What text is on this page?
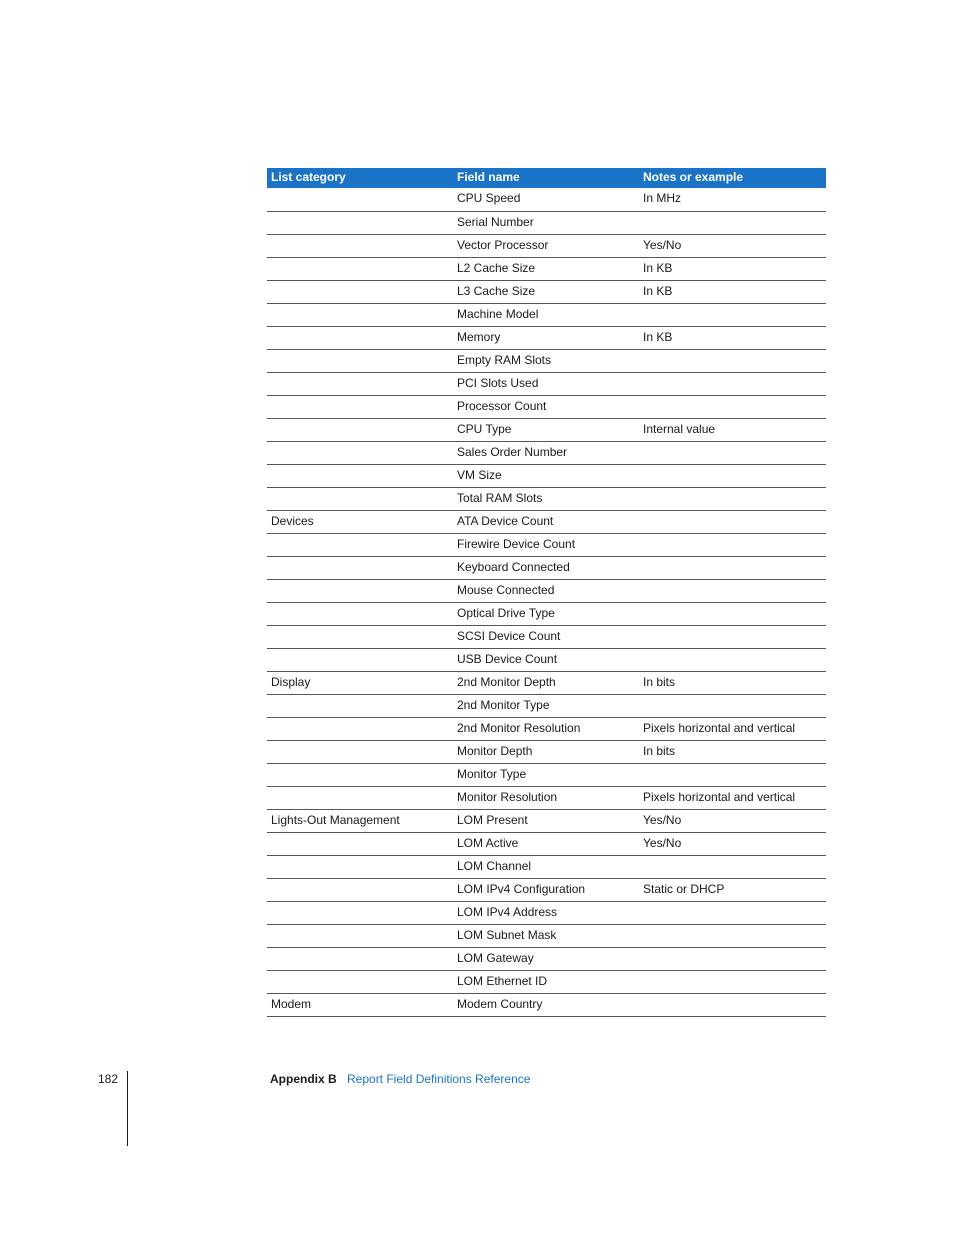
List category	Field name	Notes or example
	CPU Speed	In MHz
	Serial Number	
	Vector Processor	Yes/No
	L2 Cache Size	In KB
	L3 Cache Size	In KB
	Machine Model	
	Memory	In KB
	Empty RAM Slots	
	PCI Slots Used	
	Processor Count	
	CPU Type	Internal value
	Sales Order Number	
	VM Size	
	Total RAM Slots	
Devices	ATA Device Count	
	Firewire Device Count	
	Keyboard Connected	
	Mouse Connected	
	Optical Drive Type	
	SCSI Device Count	
	USB Device Count	
Display	2nd Monitor Depth	In bits
	2nd Monitor Type	
	2nd Monitor Resolution	Pixels horizontal and vertical
	Monitor Depth	In bits
	Monitor Type	
	Monitor Resolution	Pixels horizontal and vertical
Lights-Out Management	LOM Present	Yes/No
	LOM Active	Yes/No
	LOM Channel	
	LOM IPv4 Configuration	Static or DHCP
	LOM IPv4 Address	
	LOM Subnet Mask	
	LOM Gateway	
	LOM Ethernet ID	
Modem	Modem Country	
182	Appendix B Report Field Definitions Reference
